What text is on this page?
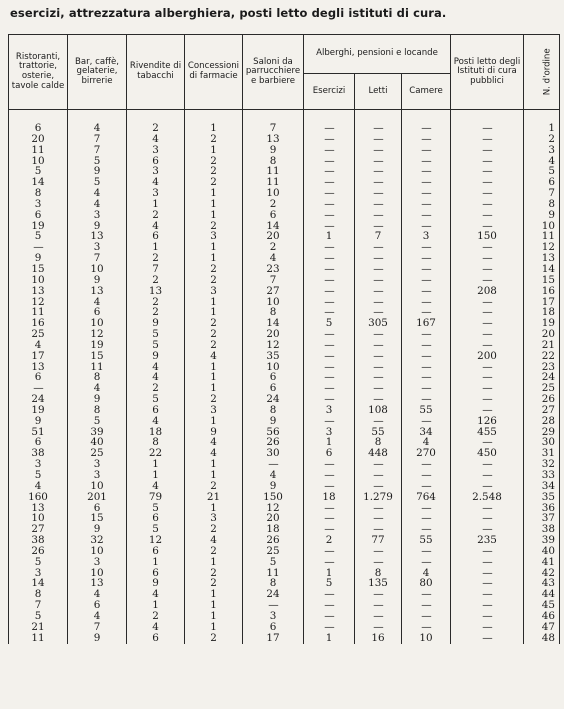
esercizi, attrezzatura alberghiera, posti letto degli istituti di cura.
Ristoranti, trattorie, osterie, tavole calde	Bar, caffè, gelaterie, birrerie	Rivendite di tabacchi	Concessioni di farmacie	Saloni da parrucchiere e barbiere	Alberghi, pensioni e locande			Posti letto degli Istituti di cura pubblici	N. d'ordine
					Esercizi	Letti	Camere		

6	4	2	1	7	—	—	—	—	1
20	7	4	2	13	—	—	—	—	2
11	7	3	1	9	—	—	—	—	3
10	5	6	2	8	—	—	—	—	4
5	9	3	2	11	—	—	—	—	5
14	5	4	2	11	—	—	—	—	6
8	4	3	1	10	—	—	—	—	7
3	4	1	1	2	—	—	—	—	8
6	3	2	1	6	—	—	—	—	9
19	9	4	2	14	—	—	—	—	10
5	13	6	3	20	1	7	3	150	11
—	3	1	1	2	—	—	—	—	12
9	7	2	1	4	—	—	—	—	13
15	10	7	2	23	—	—	—	—	14
10	9	2	2	7	—	—	—	—	15
13	13	13	3	27	—	—	—	208	16
12	4	2	1	10	—	—	—	—	17
11	6	2	1	8	—	—	—	—	18
16	10	9	2	14	5	305	167	—	19
25	12	5	2	20	—	—	—	—	20
4	19	5	2	12	—	—	—	—	21
17	15	9	4	35	—	—	—	200	22
13	11	4	1	10	—	—	—	—	23
6	8	4	1	6	—	—	—	—	24
—	4	2	1	6	—	—	—	—	25
24	9	5	2	24	—	—	—	—	26
19	8	6	3	8	3	108	55	—	27
9	5	4	1	9	—	—	—	126	28
51	39	18	9	56	3	55	34	455	29
6	40	8	4	26	1	8	4	—	30
38	25	22	4	30	6	448	270	450	31
3	3	1	1	—	—	—	—	—	32
5	3	1	1	4	—	—	—	—	33
4	10	4	2	9	—	—	—	—	34
160	201	79	21	150	18	1.279	764	2.548	35
13	6	5	1	12	—	—	—	—	36
10	15	6	3	20	—	—	—	—	37
27	9	5	2	18	—	—	—	—	38
38	32	12	4	26	2	77	55	235	39
26	10	6	2	25	—	—	—	—	40
5	3	1	1	5	—	—	—	—	41
3	10	6	2	11	1	8	4	—	42
14	13	9	2	8	5	135	80	—	43
8	4	4	1	24	—	—	—	—	44
7	6	1	1	—	—	—	—	—	45
5	4	2	1	3	—	—	—	—	46
21	7	4	1	6	—	—	—	—	47
11	9	6	2	17	1	16	10	—	48
